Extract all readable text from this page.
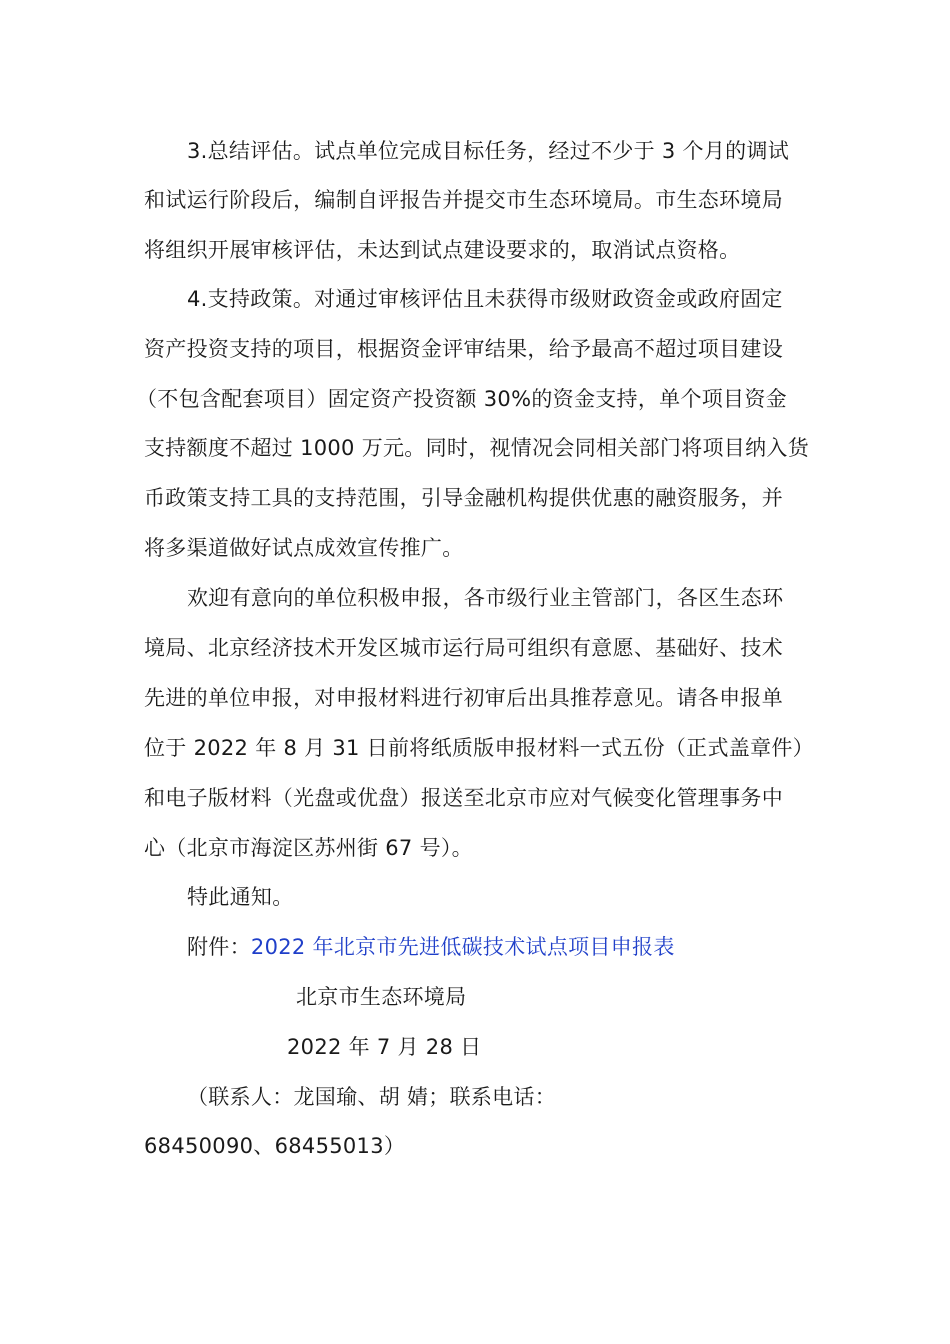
3.总结评估。试点单位完成目标任务，经过不少于 3 个月的调试
和试运行阶段后，编制自评报告并提交市生态环境局。市生态环境局
将组织开展审核评估，未达到试点建设要求的，取消试点资格。
4.支持政策。对通过审核评估且未获得市级财政资金或政府固定
资产投资支持的项目，根据资金评审结果，给予最高不超过项目建设
（不包含配套项目）固定资产投资额 30%的资金支持，单个项目资金
支持额度不超过 1000 万元。同时，视情况会同相关部门将项目纳入货
币政策支持工具的支持范围，引导金融机构提供优惠的融资服务，并
将多渠道做好试点成效宣传推广。
欢迎有意向的单位积极申报，各市级行业主管部门，各区生态环
境局、北京经济技术开发区城市运行局可组织有意愿、基础好、技术
先进的单位申报，对申报材料进行初审后出具推荐意见。请各申报单
位于 2022 年 8 月 31 日前将纸质版申报材料一式五份（正式盖章件）
和电子版材料（光盘或优盘）报送至北京市应对气候变化管理事务中
心（北京市海淀区苏州街 67 号）。
特此通知。
附件：2022 年北京市先进低碳技术试点项目申报表
北京市生态环境局
2022 年 7 月 28 日
（联系人：龙国瑜、胡 婧；联系电话：
68450090、68455013）
